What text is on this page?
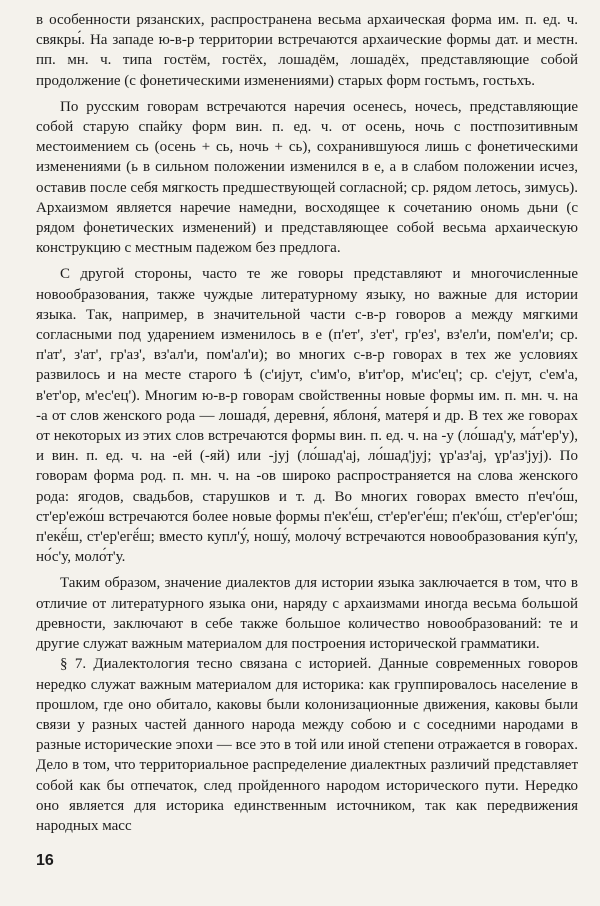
в особенности рязанских, распространена весьма архаическая форма им. п. ед. ч. свякры́. На западе ю-в-р территории встречаются архаические формы дат. и местн. пп. мн. ч. типа гостём, гостёх, лошадём, лошадёх, представляющие собой продолжение (с фонетическими изменениями) старых форм гостьмъ, гостьхъ.

По русским говорам встречаются наречия осенесь, ночесь, представляющие собой старую спайку форм вин. п. ед. ч. от осень, ночь с постпозитивным местоимением сь (осень + сь, ночь + сь), сохранившуюся лишь с фонетическими изменениями (ь в сильном положении изменился в е, а в слабом положении исчез, оставив после себя мягкость предшествующей согласной; ср. рядом летось, зимусь). Архаизмом является наречие намедни, восходящее к сочетанию ономь дьни (с рядом фонетических изменений) и представляющее собой весьма архаическую конструкцию с местным падежом без предлога.

С другой стороны, часто те же говоры представляют и многочисленные новообразования, также чуждые литературному языку, но важные для истории языка. Так, например, в значительной части с-в-р говоров а между мягкими согласными под ударением изменилось в е (п'ет', з'ет', гр'ез', вз'ел'и, пом'ел'и; ср. п'ат', з'ат', гр'аз', вз'ал'и, пом'ал'и); во многих с-в-р говорах в тех же условиях развилось и на месте старого ѣ (с'ијут, с'им'о, в'ит'ор, м'ис'ец'; ср. с'ејут, с'ем'а, в'ет'ор, м'ес'ец'). Многим ю-в-р говорам свойственны новые формы им. п. мн. ч. на -а от слов женского рода — лошадя́, деревня́, яблоня́, матеря́ и др. В тех же говорах от некоторых из этих слов встречаются формы вин. п. ед. ч. на -у (ло́шад'у, ма́т'ер'у), и вин. п. ед. ч. на -ей (-яй) или -јуј (ло́шад'ај, ло́шад'јуј; ɣр'аз'ај, ɣр'аз'јуј). По говорам форма род. п. мн. ч. на -ов широко распространяется на слова женского рода: ягодов, свадьбов, старушков и т. д. Во многих говорах вместо п'еч'о́ш, ст'ер'ежо́ш встречаются более новые формы п'ек'е́ш, ст'ер'ег'е́ш; п'ек'о́ш, ст'ер'ег'о́ш; п'екё́ш, ст'ер'егё́ш; вместо купл'у́, ношу́, молочу́ встречаются новообразования ку́п'у, но́с'у, моло́т'у.

Таким образом, значение диалектов для истории языка заключается в том, что в отличие от литературного языка они, наряду с архаизмами иногда весьма большой древности, заключают в себе также большое количество новообразований: те и другие служат важным материалом для построения исторической грамматики.

§ 7. Диалектология тесно связана с историей. Данные современных говоров нередко служат важным материалом для историка: как группировалось население в прошлом, где оно обитало, каковы были колонизационные движения, каковы были связи у разных частей данного народа между собою и с соседними народами в разные исторические эпохи — все это в той или иной степени отражается в говорах. Дело в том, что территориальное распределение диалектных различий представляет собой как бы отпечаток, след пройденного народом исторического пути. Нередко оно является для историка единственным источником, так как передвижения народных масс

16
